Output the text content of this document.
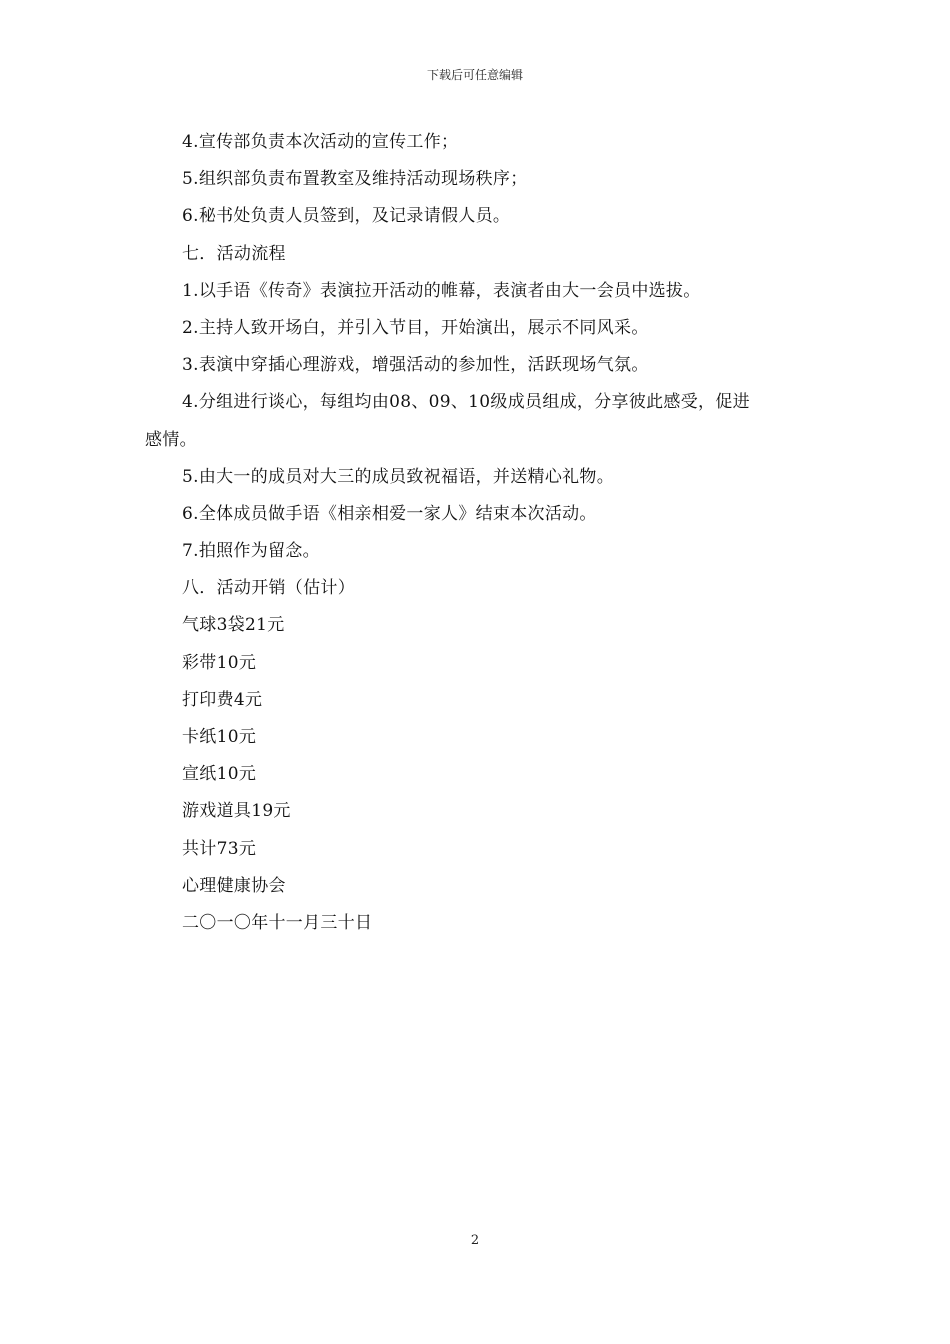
下载后可任意编辑
4.宣传部负责本次活动的宣传工作；
5.组织部负责布置教室及维持活动现场秩序；
6.秘书处负责人员签到，及记录请假人员。
七．活动流程
1.以手语《传奇》表演拉开活动的帷幕，表演者由大一会员中选拔。
2.主持人致开场白，并引入节目，开始演出，展示不同风采。
3.表演中穿插心理游戏，增强活动的参加性，活跃现场气氛。
4.分组进行谈心，每组均由08、09、10级成员组成，分享彼此感受，促进
感情。
5.由大一的成员对大三的成员致祝福语，并送精心礼物。
6.全体成员做手语《相亲相爱一家人》结束本次活动。
7.拍照作为留念。
八．活动开销（估计）
气球3袋21元
彩带10元
打印费4元
卡纸10元
宣纸10元
游戏道具19元
共计73元
心理健康协会
二〇一〇年十一月三十日
2
